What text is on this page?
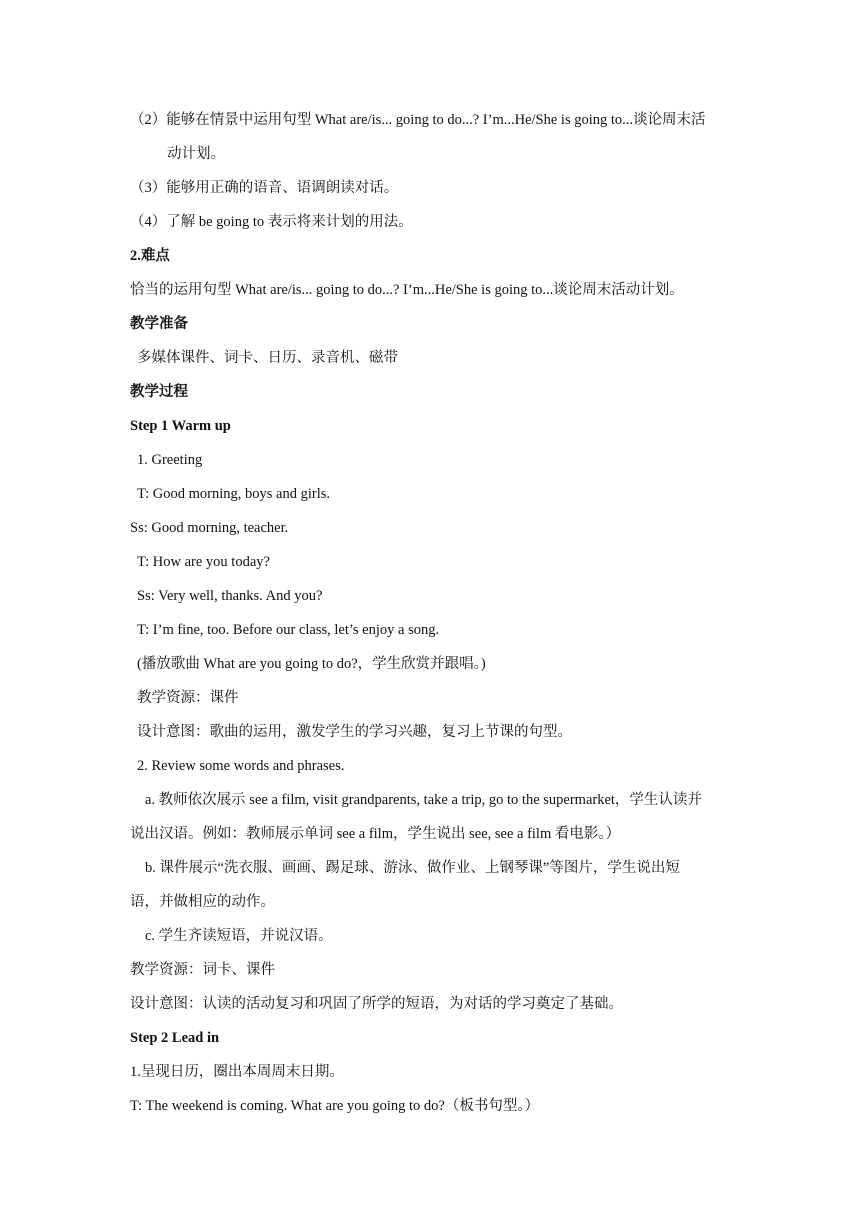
（2）能够在情景中运用句型 What are/is... going to do...? I’m...He/She is going to...谈论周末活
动计划。
（3）能够用正确的语音、语调朗读对话。
（4）了解 be going to 表示将来计划的用法。
2.难点
恰当的运用句型 What are/is... going to do...? I’m...He/She is going to...谈论周末活动计划。
教学准备
多媒体课件、词卡、日历、录音机、磁带
教学过程
Step 1 Warm up
1. Greeting
T: Good morning, boys and girls.
Ss: Good morning, teacher.
T: How are you today?
Ss: Very well, thanks. And you?
T: I’m fine, too. Before our class, let’s enjoy a song.
(播放歌曲 What are you going to do?，学生欣赏并跟唱。)
教学资源：课件
设计意图：歌曲的运用，激发学生的学习兴趣，复习上节课的句型。
2. Review some words and phrases.
a. 教师依次展示 see a film, visit grandparents, take a trip, go to the supermarket，学生认读并
说出汉语。例如：教师展示单词 see a film，学生说出 see, see a film 看电影。）
b. 课件展示“洗衣服、画画、踢足球、游泳、做作业、上钢琴课”等图片，学生说出短
语，并做相应的动作。
c. 学生齐读短语，并说汉语。
教学资源：词卡、课件
设计意图：认读的活动复习和巩固了所学的短语，为对话的学习奠定了基础。
Step 2 Lead in
1.呈现日历，圈出本周周末日期。
T: The weekend is coming. What are you going to do?（板书句型。）
